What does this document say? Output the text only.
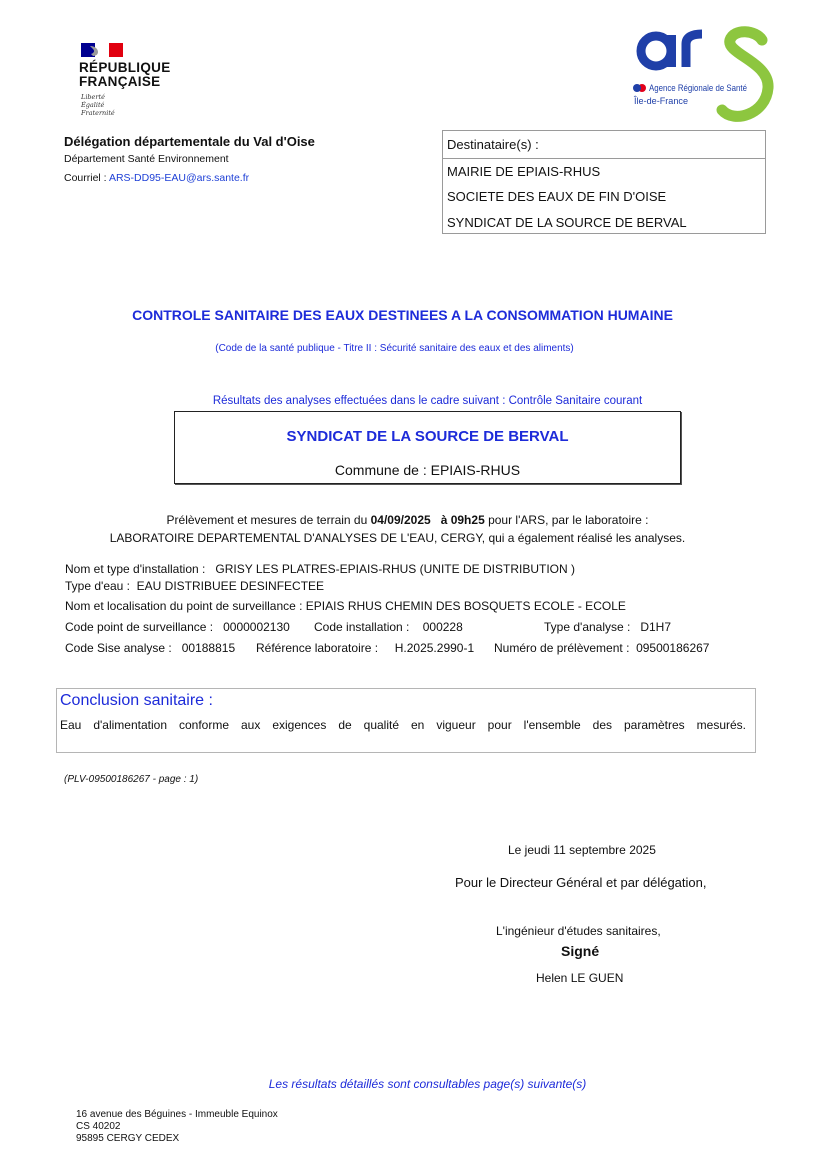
RÉPUBLIQUE
FRANÇAISE
Liberté
Égalité
Fraternité
Agence Régionale de Santé
Île-de-France
Délégation départementale du Val d'Oise
Département Santé Environnement
Courriel : ARS-DD95-EAU@ars.sante.fr
Destinataire(s) :
MAIRIE DE EPIAIS-RHUS
SOCIETE DES EAUX DE FIN D'OISE
SYNDICAT DE LA SOURCE DE BERVAL
CONTROLE SANITAIRE DES EAUX DESTINEES A LA CONSOMMATION HUMAINE
(Code de la santé publique - Titre II : Sécurité sanitaire des eaux et des aliments)
Résultats des analyses effectuées dans le cadre suivant : Contrôle Sanitaire courant
SYNDICAT DE LA SOURCE DE BERVAL
Commune de : EPIAIS-RHUS
Prélèvement et mesures de terrain du 04/09/2025 à 09h25 pour l'ARS, par le laboratoire :
LABORATOIRE DEPARTEMENTAL D'ANALYSES DE L'EAU, CERGY, qui a également réalisé les analyses.
Nom et type d'installation :   GRISY LES PLATRES-EPIAIS-RHUS (UNITE DE DISTRIBUTION )
Type d'eau :  EAU DISTRIBUEE DESINFECTEE
Nom et localisation du point de surveillance : EPIAIS RHUS CHEMIN DES BOSQUETS ECOLE - ECOLE
Code point de surveillance :   0000002130 Code installation :    000228	Type d'analyse :   D1H7
Code Sise analyse :   00188815 Référence laboratoire :     H.2025.2990-1 Numéro de prélèvement :  09500186267
Conclusion sanitaire :
Eau d'alimentation conforme aux exigences de qualité en vigueur pour l'ensemble des paramètres mesurés.
(PLV-09500186267 - page : 1)
Le jeudi 11 septembre 2025
Pour le Directeur Général et par délégation,
L'ingénieur d'études sanitaires,
Signé
Helen LE GUEN
Les résultats détaillés sont consultables page(s) suivante(s)
16 avenue des Béguines - Immeuble Equinox
CS 40202
95895 CERGY CEDEX
